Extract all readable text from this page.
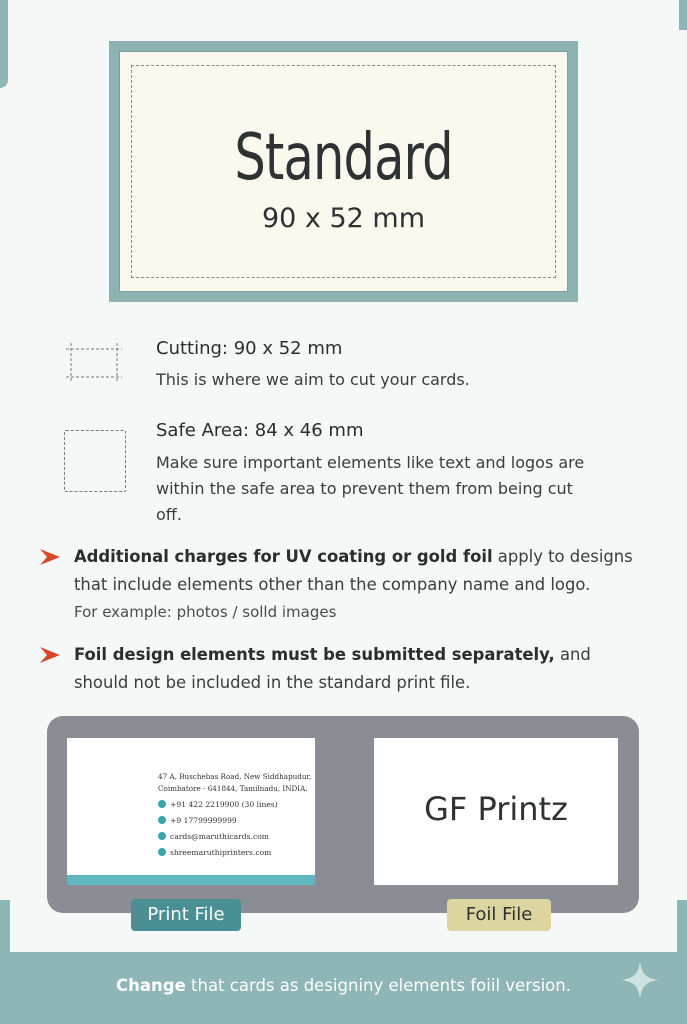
Standard
90 x 52 mm
Cutting: 90 x 52 mm
This is where we aim to cut your cards.
Safe Area: 84 x 46 mm
Make sure important elements like text and logos are
within the safe area to prevent them from being cut
off.
Additional charges for UV coating or gold foil apply to designs
that include elements other than the company name and logo.
For example: photos / solld images
Foil design elements must be submitted separately, and
should not be included in the standard print file.
47 A, Buschebas Road, New Siddhapudur,
Coimbatore - 641844, Tamilnadu, INDIA.
+91 422 2219900 (30 lines)
+9 17799999999
cards@maruthicards.com
shreemaruthiprinters.com
GF Printz
Print File	Foil File
Change that cards as designiny elements foiil version.
